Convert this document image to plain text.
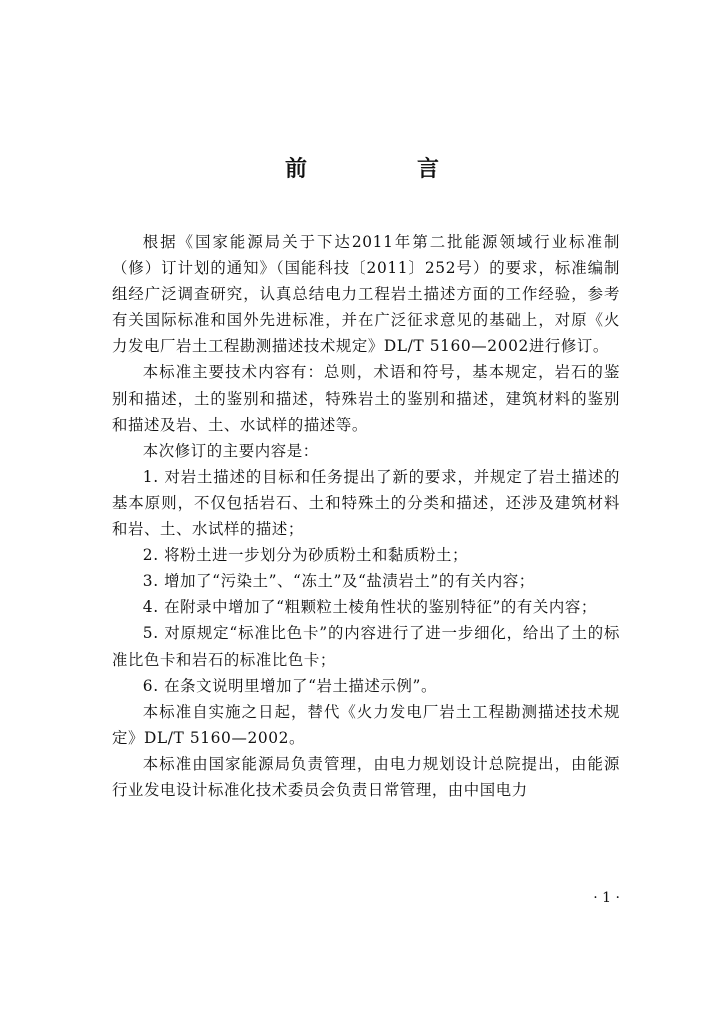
前　言

根据《国家能源局关于下达2011年第二批能源领域行业标准制（修）订计划的通知》（国能科技〔2011〕252号）的要求，标准编制组经广泛调查研究，认真总结电力工程岩土描述方面的工作经验，参考有关国际标准和国外先进标准，并在广泛征求意见的基础上，对原《火力发电厂岩土工程勘测描述技术规定》DL/T 5160—2002进行修订。

本标准主要技术内容有：总则，术语和符号，基本规定，岩石的鉴别和描述，土的鉴别和描述，特殊岩土的鉴别和描述，建筑材料的鉴别和描述及岩、土、水试样的描述等。

本次修订的主要内容是：

1. 对岩土描述的目标和任务提出了新的要求，并规定了岩土描述的基本原则，不仅包括岩石、土和特殊土的分类和描述，还涉及建筑材料和岩、土、水试样的描述；

2. 将粉土进一步划分为砂质粉土和黏质粉土；

3. 增加了“污染土”、“冻土”及“盐渍岩土”的有关内容；

4. 在附录中增加了“粗颗粒土棱角性状的鉴别特征”的有关内容；

5. 对原规定“标准比色卡”的内容进行了进一步细化，给出了土的标准比色卡和岩石的标准比色卡；

6. 在条文说明里增加了“岩土描述示例”。

本标准自实施之日起，替代《火力发电厂岩土工程勘测描述技术规定》DL/T 5160—2002。

本标准由国家能源局负责管理，由电力规划设计总院提出，由能源行业发电设计标准化技术委员会负责日常管理，由中国电力

· 1 ·
